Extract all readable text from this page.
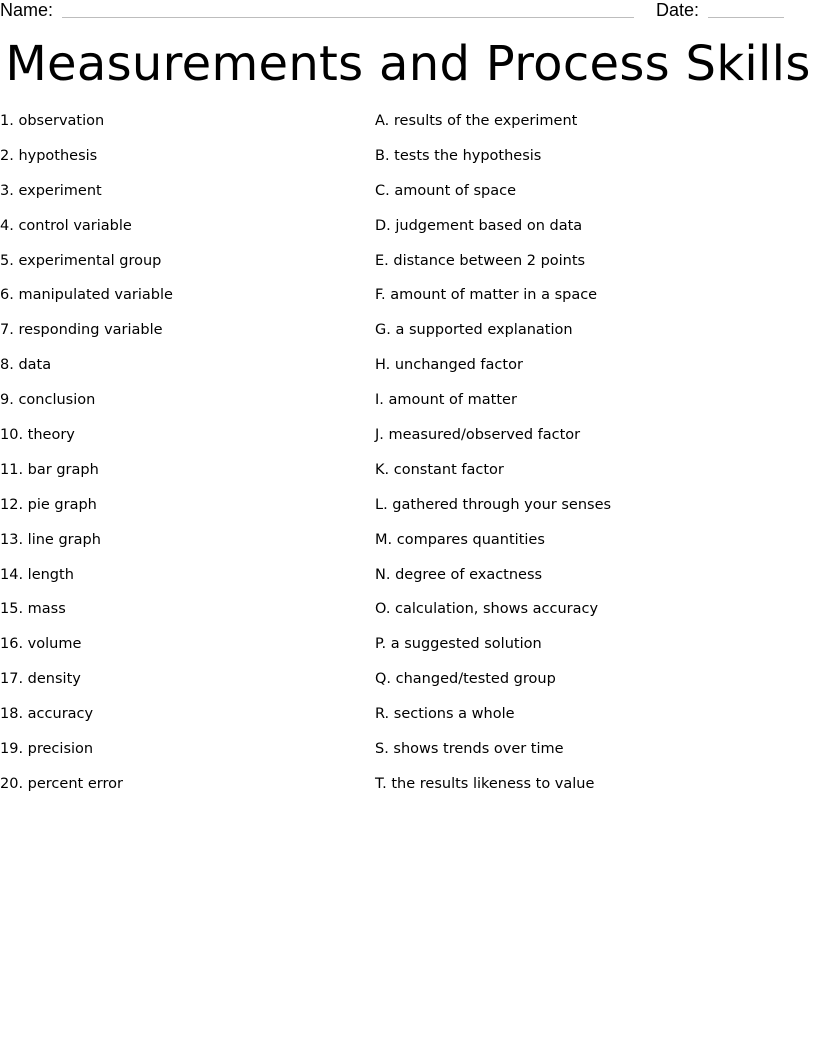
Name:	Date:
Measurements and Process Skills
1. observation
2. hypothesis
3. experiment
4. control variable
5. experimental group
6. manipulated variable
7. responding variable
8. data
9. conclusion
10. theory
11. bar graph
12. pie graph
13. line graph
14. length
15. mass
16. volume
17. density
18. accuracy
19. precision
20. percent error
A. results of the experiment
B. tests the hypothesis
C. amount of space
D. judgement based on data
E. distance between 2 points
F. amount of matter in a space
G. a supported explanation
H. unchanged factor
I. amount of matter
J. measured/observed factor
K. constant factor
L. gathered through your senses
M. compares quantities
N. degree of exactness
O. calculation, shows accuracy
P. a suggested solution
Q. changed/tested group
R. sections a whole
S. shows trends over time
T. the results likeness to value
